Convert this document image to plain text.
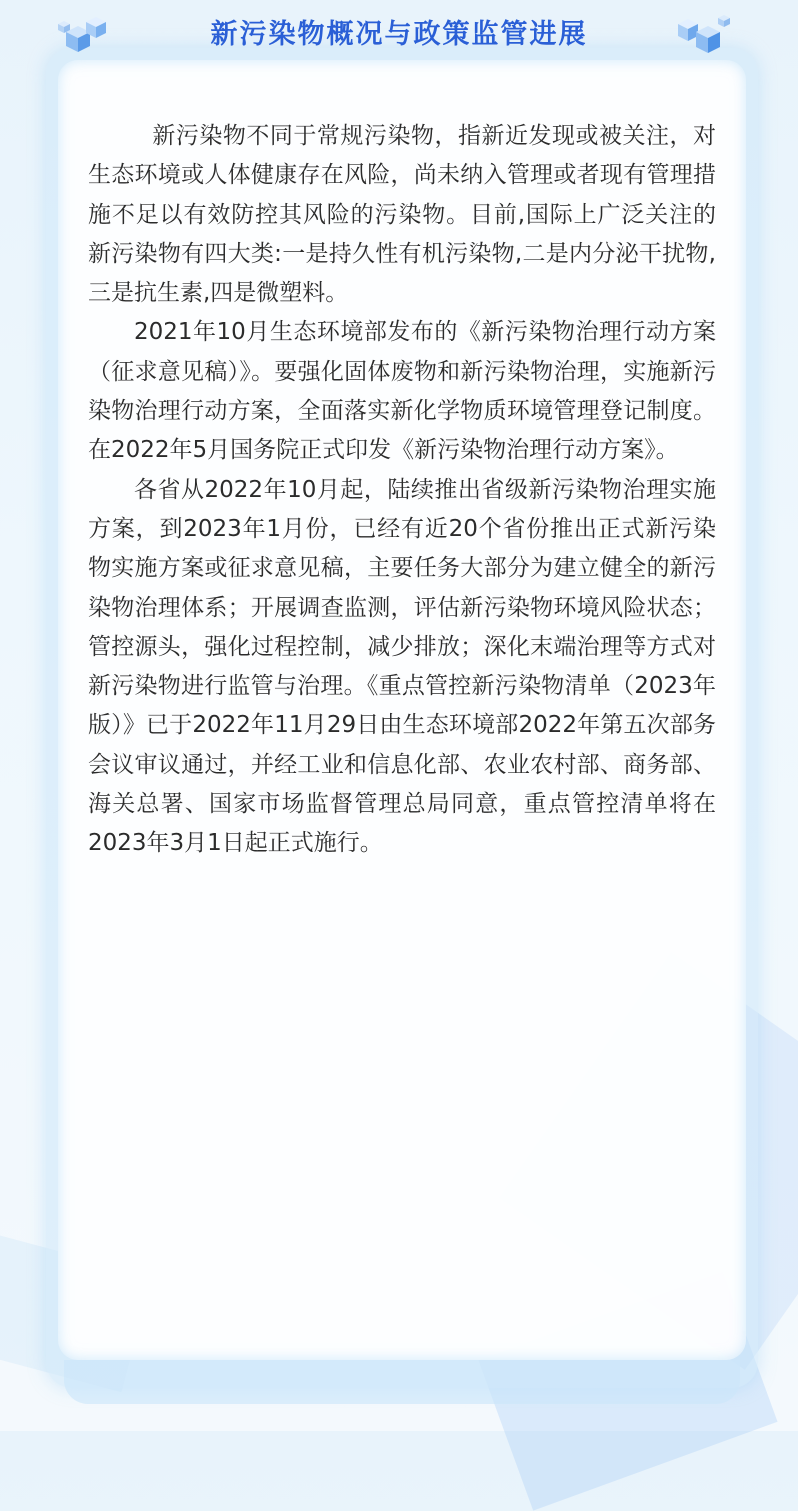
新污染物概况与政策监管进展

新污染物不同于常规污染物，指新近发现或被关注，对生态环境或人体健康存在风险，尚未纳入管理或者现有管理措施不足以有效防控其风险的污染物。目前,国际上广泛关注的新污染物有四大类:一是持久性有机污染物,二是内分泌干扰物,三是抗生素,四是微塑料。

2021年10月生态环境部发布的《新污染物治理行动方案（征求意见稿）》。要强化固体废物和新污染物治理，实施新污染物治理行动方案，全面落实新化学物质环境管理登记制度。在2022年5月国务院正式印发《新污染物治理行动方案》。

各省从2022年10月起，陆续推出省级新污染物治理实施方案，到2023年1月份，已经有近20个省份推出正式新污染物实施方案或征求意见稿，主要任务大部分为建立健全的新污染物治理体系；开展调查监测，评估新污染物环境风险状态；管控源头，强化过程控制，减少排放；深化末端治理等方式对新污染物进行监管与治理。《重点管控新污染物清单（2023年版）》已于2022年11月29日由生态环境部2022年第五次部务会议审议通过，并经工业和信息化部、农业农村部、商务部、海关总署、国家市场监督管理总局同意，重点管控清单将在2023年3月1日起正式施行。
